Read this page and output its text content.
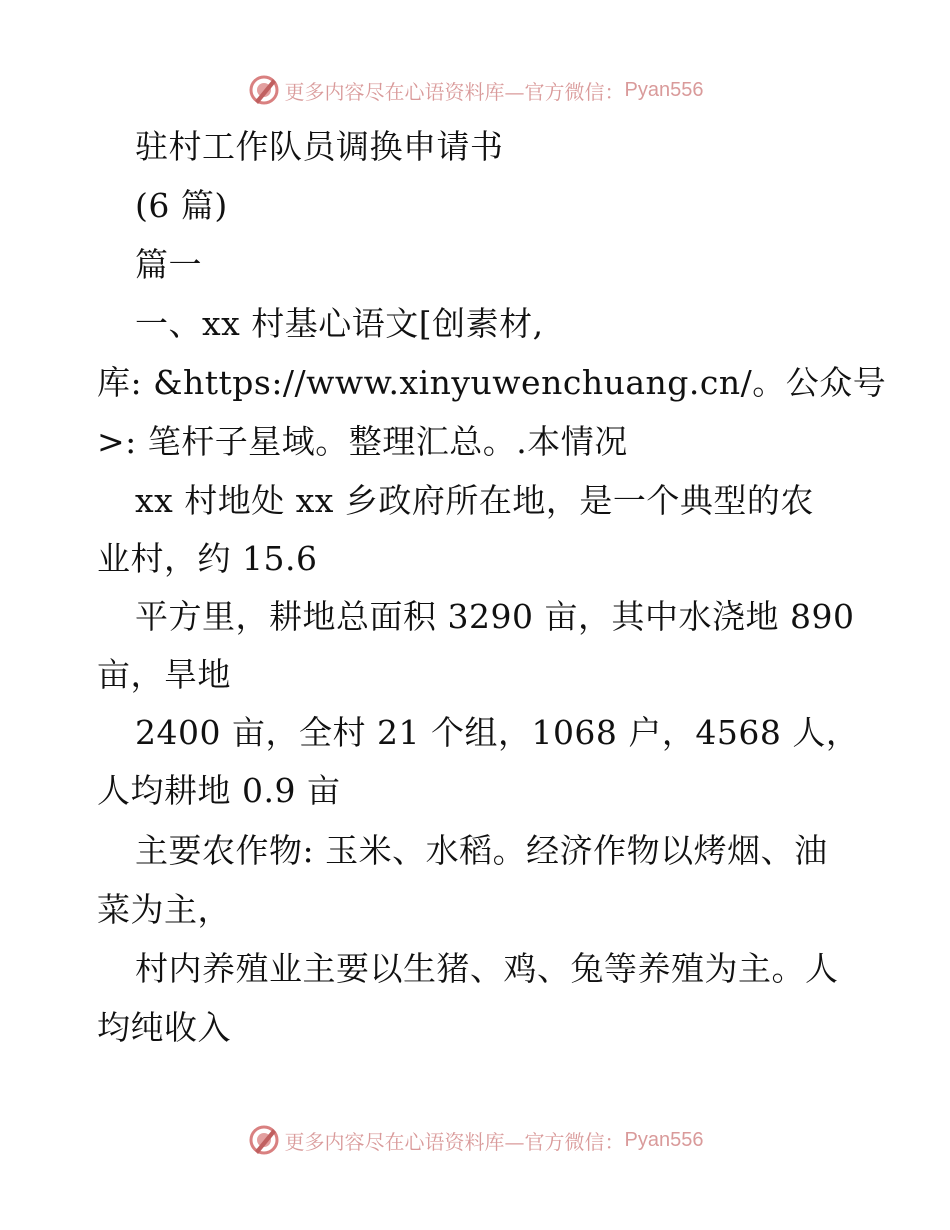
更多内容尽在心语资料库—官方微信： Pyan556
驻村工作队员调换申请书
(6 篇)
篇一
一、xx 村基心语文[创素材,
库: &https://www.xinyuwenchuang.cn/。公众号
>: 笔杆子星域。整理汇总。.本情况
xx 村地处 xx 乡政府所在地，是一个典型的农
业村，约 15.6
平方里，耕地总面积 3290 亩，其中水浇地 890
亩，旱地
2400 亩，全村 21 个组，1068 户，4568 人，
人均耕地 0.9 亩
主要农作物: 玉米、水稻。经济作物以烤烟、油
菜为主，
村内养殖业主要以生猪、鸡、兔等养殖为主。人
均纯收入
更多内容尽在心语资料库—官方微信： Pyan556
